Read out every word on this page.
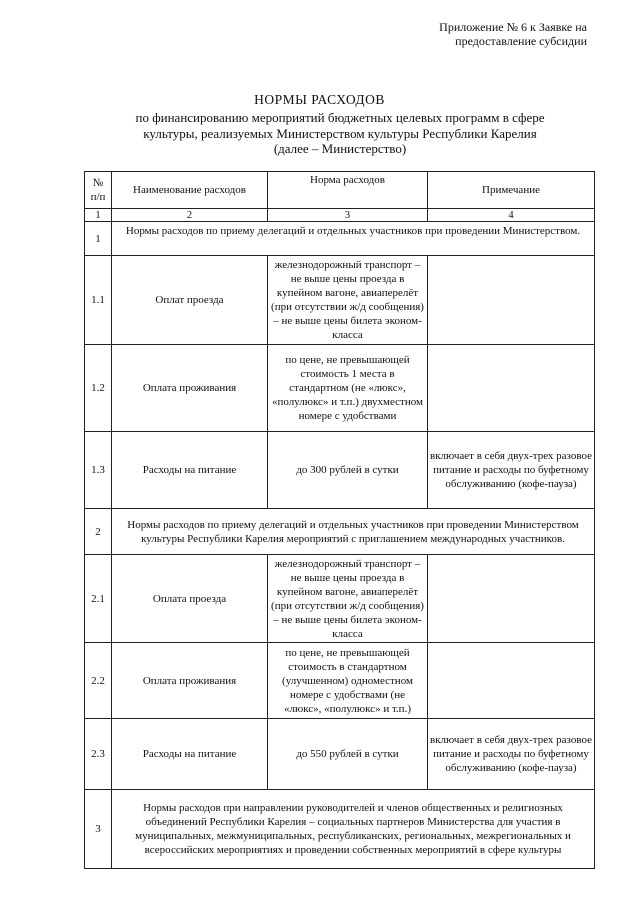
Приложение № 6 к Заявке на
предоставление субсидии
НОРМЫ РАСХОДОВ
по финансированию мероприятий бюджетных целевых программ в сфере
культуры, реализуемых Министерством культуры Республики Карелия
(далее – Министерство)
№ п/п	Наименование расходов	Норма расходов	Примечание
1	2	3	4
1	Нормы расходов по приему делегаций и отдельных участников при проведении Министерством.		
1.1	Оплат проезда	железнодорожный транспорт – не выше цены проезда в купейном вагоне, авиаперелёт (при отсутствии ж/д сообщения) – не выше цены билета эконом-класса	
1.2	Оплата проживания	по цене, не превышающей стоимость 1 места в стандартном (не «люкс», «полулюкс» и т.п.) двухместном номере с удобствами	
1.3	Расходы на питание	до 300 рублей в сутки	включает в себя двух-трех разовое питание и расходы по буфетному обслуживанию (кофе-пауза)
2	Нормы расходов по приему делегаций и отдельных участников при проведении Министерством культуры Республики Карелия мероприятий с приглашением международных участников.		
2.1	Оплата проезда	железнодорожный транспорт – не выше цены проезда в купейном вагоне, авиаперелёт (при отсутствии ж/д сообщения) – не выше цены билета эконом-класса	
2.2	Оплата проживания	по цене, не превышающей стоимость в стандартном (улучшенном) одноместном номере с удобствами (не «люкс», «полулюкс» и т.п.)	
2.3	Расходы на питание	до 550 рублей в сутки	включает в себя двух-трех разовое питание и расходы по буфетному обслуживанию (кофе-пауза)
3	Нормы расходов при направлении руководителей и членов общественных и религиозных объединений Республики Карелия – социальных партнеров Министерства для участия в муниципальных, межмуниципальных, республиканских, региональных, межрегиональных и всероссийских мероприятиях и проведении собственных мероприятий в сфере культуры		
